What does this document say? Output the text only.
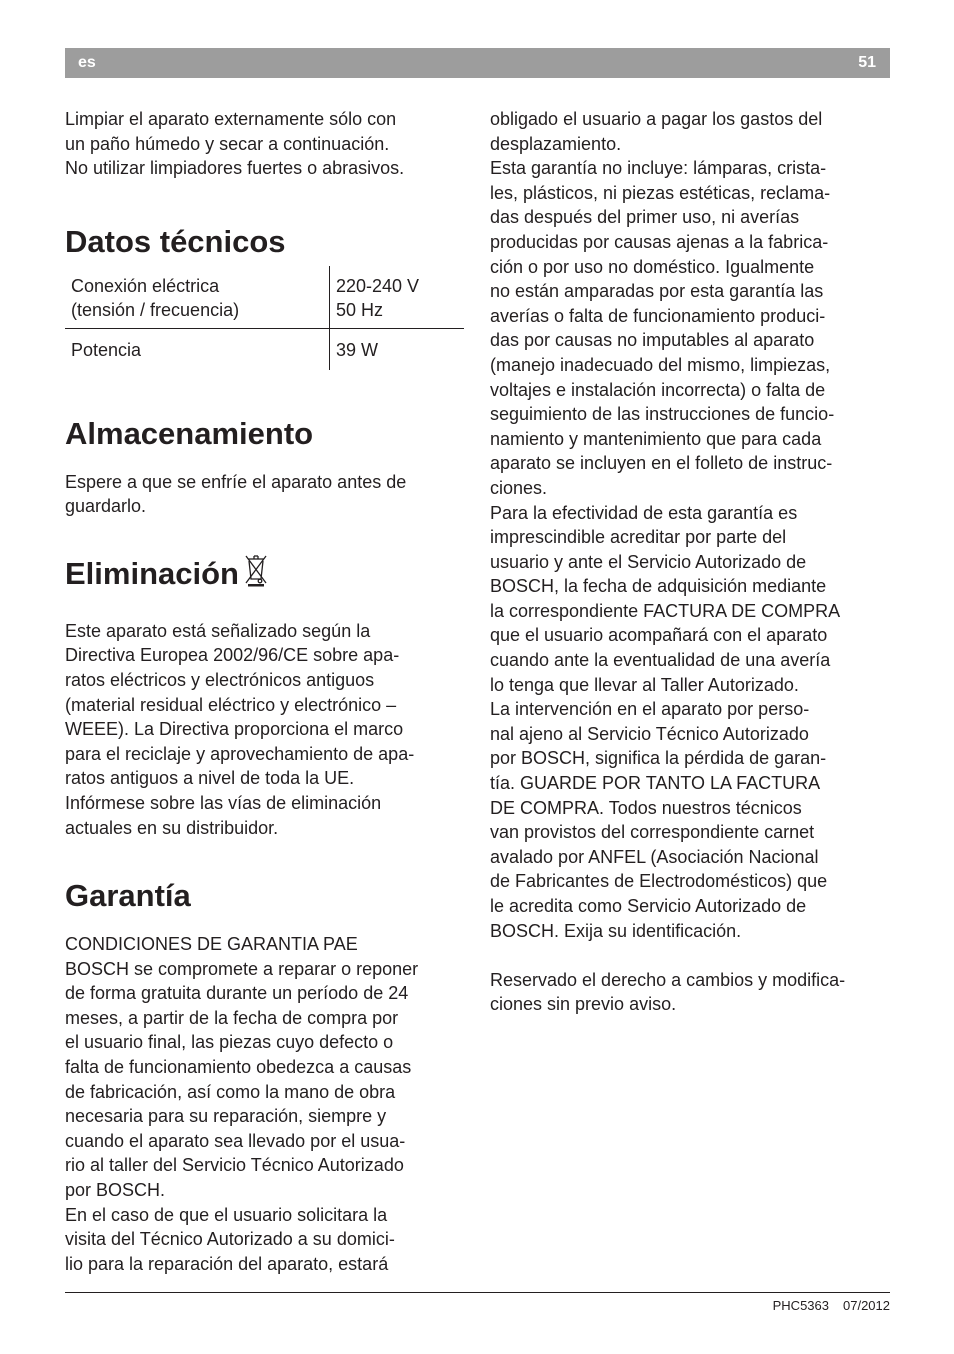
es	51

Limpiar el aparato externamente sólo con
un paño húmedo y secar a continuación.
No utilizar limpiadores fuertes o abrasivos.

Datos técnicos
Conexión eléctrica
(tensión / frecuencia)	220-240 V
50 Hz

Potencia	39 W
Almacenamiento

Espere a que se enfríe el aparato antes de
guardarlo.

Eliminación

Este aparato está señalizado según la
Directiva Europea 2002/96/CE sobre apa-
ratos eléctricos y electrónicos antiguos
(material residual eléctrico y electrónico –
WEEE). La Directiva proporciona el marco
para el reciclaje y aprovechamiento de apa-
ratos antiguos a nivel de toda la UE.
Infórmese sobre las vías de eliminación
actuales en su distribuidor.

Garantía

CONDICIONES DE GARANTIA PAE
BOSCH se compromete a reparar o reponer
de forma gratuita durante un período de 24
meses, a partir de la fecha de compra por
el usuario final, las piezas cuyo defecto o
falta de funcionamiento obedezca a causas
de fabricación, así como la mano de obra
necesaria para su reparación, siempre y
cuando el aparato sea llevado por el usua-
rio al taller del Servicio Técnico Autorizado
por BOSCH.
En el caso de que el usuario solicitara la
visita del Técnico Autorizado a su domici-
lio para la reparación del aparato, estará

obligado el usuario a pagar los gastos del
desplazamiento.
Esta garantía no incluye: lámparas, crista-
les, plásticos, ni piezas estéticas, reclama-
das después del primer uso, ni averías
producidas por causas ajenas a la fabrica-
ción o por uso no doméstico. Igualmente
no están amparadas por esta garantía las
averías o falta de funcionamiento produci-
das por causas no imputables al aparato
(manejo inadecuado del mismo, limpiezas,
voltajes e instalación incorrecta) o falta de
seguimiento de las instrucciones de funcio-
namiento y mantenimiento que para cada
aparato se incluyen en el folleto de instruc-
ciones.
Para la efectividad de esta garantía es
imprescindible acreditar por parte del
usuario y ante el Servicio Autorizado de
BOSCH, la fecha de adquisición mediante
la correspondiente FACTURA DE COMPRA
que el usuario acompañará con el aparato
cuando ante la eventualidad de una avería
lo tenga que llevar al Taller Autorizado.
La intervención en el aparato por perso-
nal ajeno al Servicio Técnico Autorizado
por BOSCH, significa la pérdida de garan-
tía. GUARDE POR TANTO LA FACTURA
DE COMPRA. Todos nuestros técnicos
van provistos del correspondiente carnet
avalado por ANFEL (Asociación Nacional
de Fabricantes de Electrodomésticos) que
le acredita como Servicio Autorizado de
BOSCH. Exija su identificación.

Reservado el derecho a cambios y modifica-
ciones sin previo aviso.

PHC5363 07/2012
